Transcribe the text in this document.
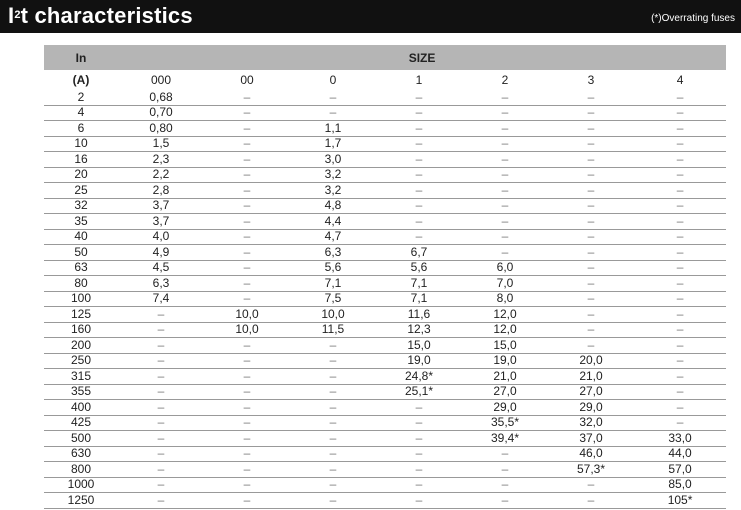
$I^2t$ characteristics	(*)Overrating fuses
In	SIZE						
(A)	000	00	0	1	2	3	4
2	0,68	–	–	–	–	–	–
4	0,70	–	–	–	–	–	–
6	0,80	–	1,1	–	–	–	–
10	1,5	–	1,7	–	–	–	–
16	2,3	–	3,0	–	–	–	–
20	2,2	–	3,2	–	–	–	–
25	2,8	–	3,2	–	–	–	–
32	3,7	–	4,8	–	–	–	–
35	3,7	–	4,4	–	–	–	–
40	4,0	–	4,7	–	–	–	–
50	4,9	–	6,3	6,7	–	–	–
63	4,5	–	5,6	5,6	6,0	–	–
80	6,3	–	7,1	7,1	7,0	–	–
100	7,4	–	7,5	7,1	8,0	–	–
125	–	10,0	10,0	11,6	12,0	–	–
160	–	10,0	11,5	12,3	12,0	–	–
200	–	–	–	15,0	15,0	–	–
250	–	–	–	19,0	19,0	20,0	–
315	–	–	–	24,8*	21,0	21,0	–
355	–	–	–	25,1*	27,0	27,0	–
400	–	–	–	–	29,0	29,0	–
425	–	–	–	–	35,5*	32,0	–
500	–	–	–	–	39,4*	37,0	33,0
630	–	–	–	–	–	46,0	44,0
800	–	–	–	–	–	57,3*	57,0
1000	–	–	–	–	–	–	85,0
1250	–	–	–	–	–	–	105*
